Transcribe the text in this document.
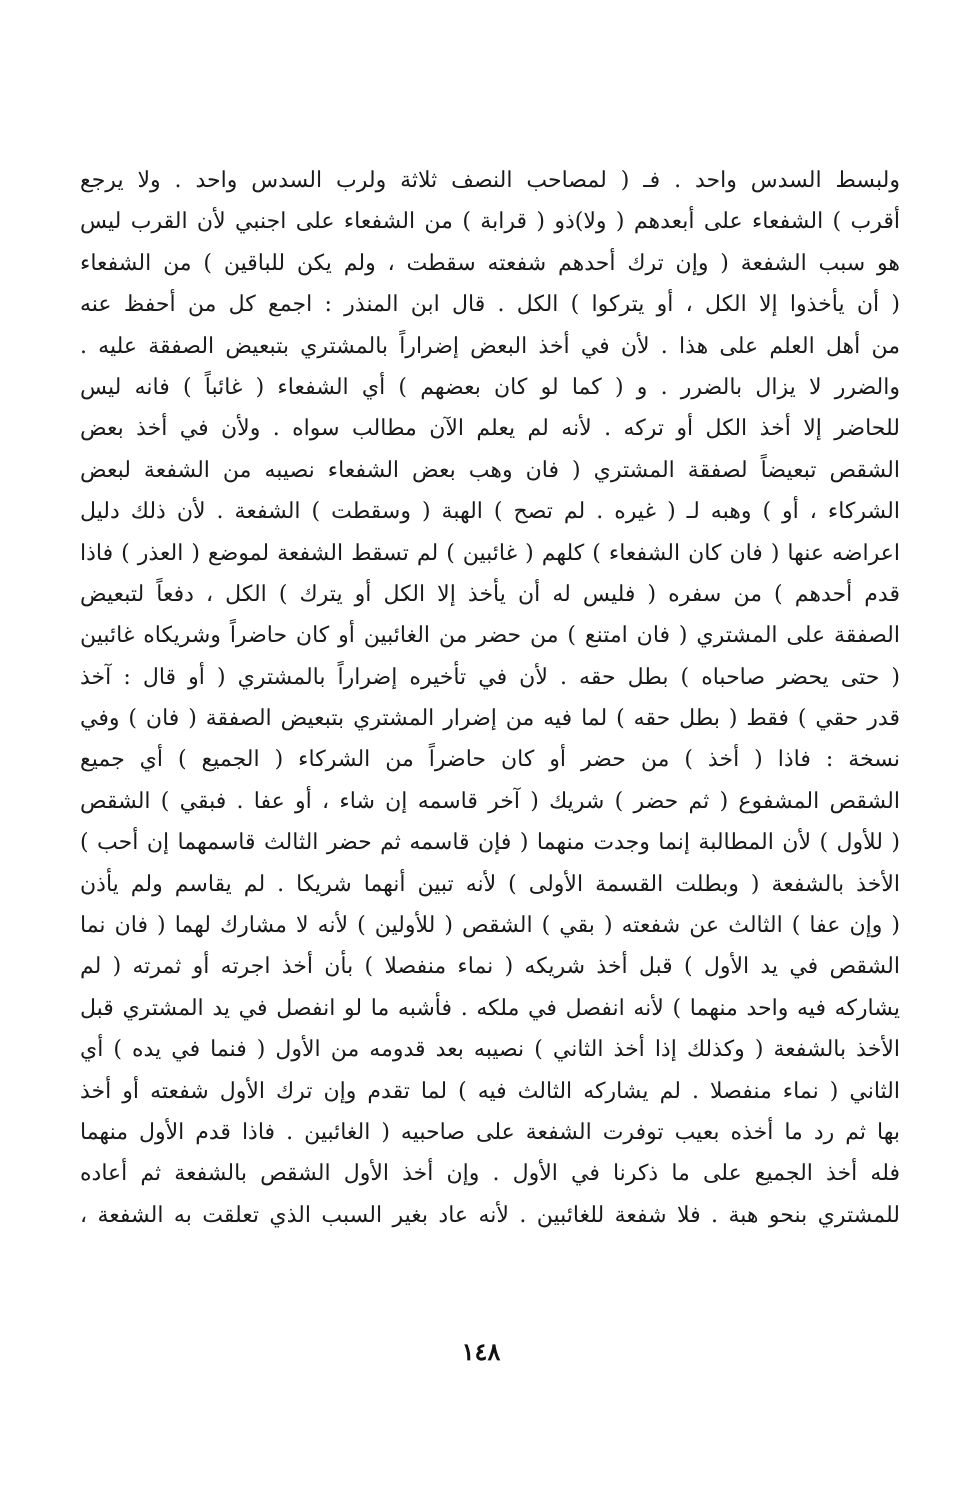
ولبسط السدس واحد . فـ ( لمصاحب النصف ثلاثة ولرب السدس واحد . ولا يرجع
أقرب ) الشفعاء على أبعدهم ( ولا)ذو ( قرابة ) من الشفعاء على اجنبي لأن القرب ليس
هو سبب الشفعة ( وإن ترك أحدهم شفعته سقطت ، ولم يكن للباقين ) من الشفعاء
( أن يأخذوا إلا الكل ، أو يتركوا ) الكل . قال ابن المنذر : اجمع كل من أحفظ عنه
من أهل العلم على هذا . لأن في أخذ البعض إضراراً بالمشتري بتبعيض الصفقة عليه .
والضرر لا يزال بالضرر . و ( كما لو كان بعضهم ) أي الشفعاء ( غائباً ) فانه ليس
للحاضر إلا أخذ الكل أو تركه . لأنه لم يعلم الآن مطالب سواه . ولأن في أخذ بعض
الشقص تبعيضاً لصفقة المشتري ( فان وهب بعض الشفعاء نصيبه من الشفعة لبعض
الشركاء ، أو ) وهبه لـ ( غيره . لم تصح ) الهبة ( وسقطت ) الشفعة . لأن ذلك دليل
اعراضه عنها ( فان كان الشفعاء ) كلهم ( غائبين ) لم تسقط الشفعة لموضع ( العذر ) فاذا
قدم أحدهم ) من سفره ( فليس له أن يأخذ إلا الكل أو يترك ) الكل ، دفعاً لتبعيض
الصفقة على المشتري ( فان امتنع ) من حضر من الغائبين أو كان حاضراً وشريكاه غائبين
( حتى يحضر صاحباه ) بطل حقه . لأن في تأخيره إضراراً بالمشتري ( أو قال : آخذ
قدر حقي ) فقط ( بطل حقه ) لما فيه من إضرار المشتري بتبعيض الصفقة ( فان ) وفي
نسخة : فاذا ( أخذ ) من حضر أو كان حاضراً من الشركاء ( الجميع ) أي جميع
الشقص المشفوع ( ثم حضر ) شريك ( آخر قاسمه إن شاء ، أو عفا . فبقي ) الشقص
( للأول ) لأن المطالبة إنما وجدت منهما ( فإن قاسمه ثم حضر الثالث قاسمهما إن أحب )
الأخذ بالشفعة ( وبطلت القسمة الأولى ) لأنه تبين أنهما شريكا . لم يقاسم ولم يأذن
( وإن عفا ) الثالث عن شفعته ( بقي ) الشقص ( للأولين ) لأنه لا مشارك لهما ( فان نما
الشقص في يد الأول ) قبل أخذ شريكه ( نماء منفصلا ) بأن أخذ اجرته أو ثمرته ( لم
يشاركه فيه واحد منهما ) لأنه انفصل في ملكه . فأشبه ما لو انفصل في يد المشتري قبل
الأخذ بالشفعة ( وكذلك إذا أخذ الثاني ) نصيبه بعد قدومه من الأول ( فنما في يده ) أي
الثاني ( نماء منفصلا . لم يشاركه الثالث فيه ) لما تقدم وإن ترك الأول شفعته أو أخذ
بها ثم رد ما أخذه بعيب توفرت الشفعة على صاحبيه ( الغائبين . فاذا قدم الأول منهما
فله أخذ الجميع على ما ذكرنا في الأول . وإن أخذ الأول الشقص بالشفعة ثم أعاده
للمشتري بنحو هبة . فلا شفعة للغائبين . لأنه عاد بغير السبب الذي تعلقت به الشفعة ،
١٤٨
